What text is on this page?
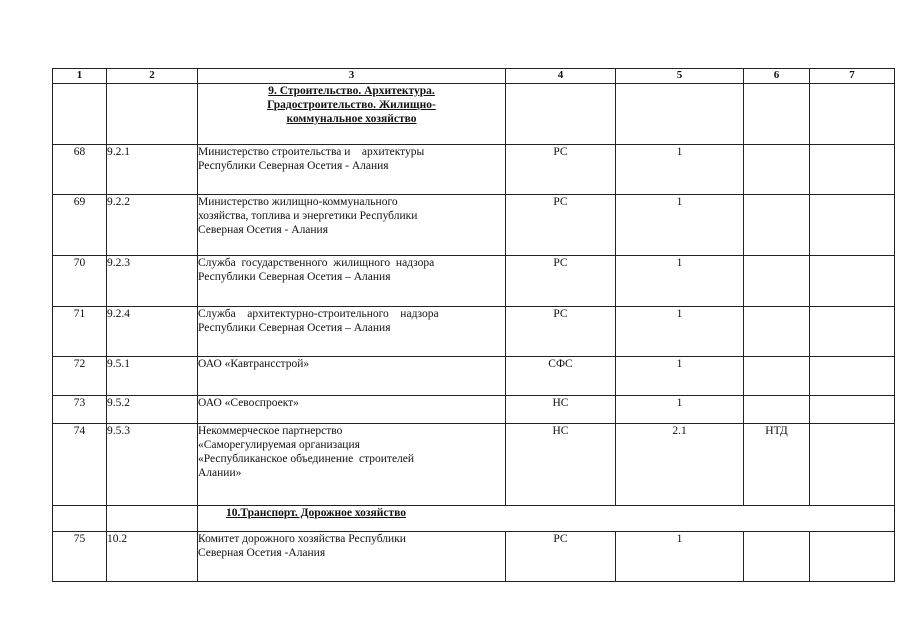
1	2	3	4	5	6	7

		9. Строительство. Архитектура.
Градостроительство. Жилищно-
коммунальное хозяйство				

68	9.2.1	Министерство строительства и    архитектуры
Республики Северная Осетия - Алания	РС	1		
69	9.2.2	Министерство жилищно-коммунального
хозяйства, топлива и энергетики Республики
Северная Осетия - Алания	РС	1		
70	9.2.3	Служба  государственного  жилищного  надзора
Республики Северная Осетия – Алания	РС	1		
71	9.2.4	Служба    архитектурно-строительного    надзора
Республики Северная Осетия – Алания	РС	1		
72	9.5.1	ОАО «Кавтрансстрой»	СФС	1		
73	9.5.2	ОАО «Севоспроект»	НС	1		
74	9.5.3	Некоммерческое партнерство
«Саморегулируемая организация
«Республиканское объединение  строителей
Алании»	НС	2.1	НТД	
		10.Транспорт. Дорожное хозяйство				
75	10.2	Комитет дорожного хозяйства Республики
Северная Осетия -Алания	РС	1		
